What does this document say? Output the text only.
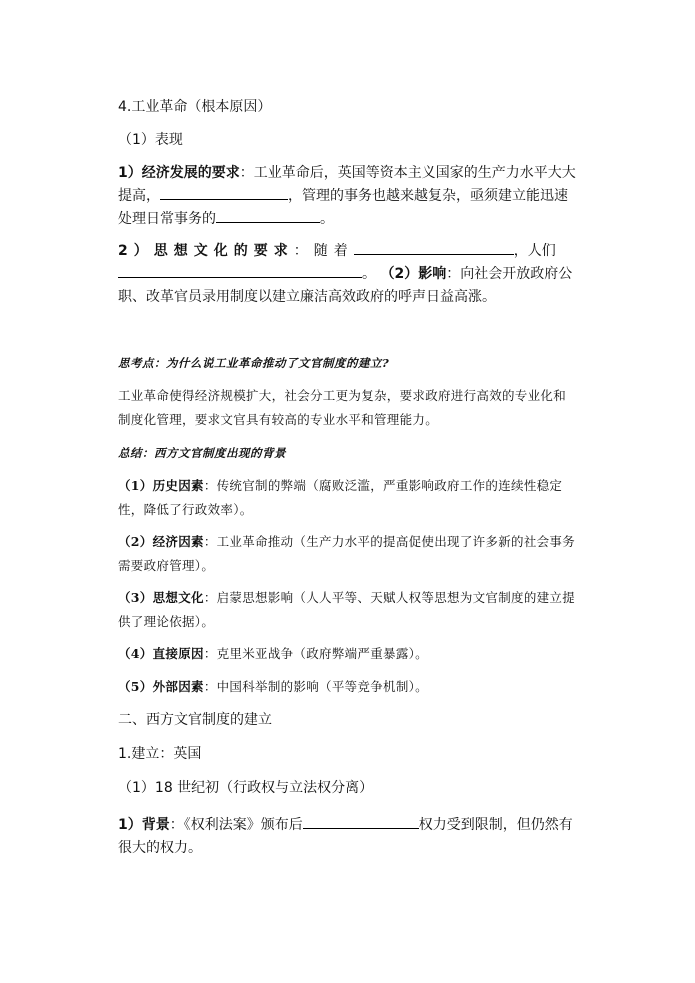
4.工业革命（根本原因）
（1）表现
1）经济发展的要求：工业革命后，英国等资本主义国家的生产力水平大大提高，	，管理的事务也越来越复杂，亟须建立能迅速处理日常事务的	。
2）思想文化的要求：随着	，人们。 （2）影响：向社会开放政府公职、改革官员录用制度以建立廉洁高效政府的呼声日益高涨。
思考点：为什么说工业革命推动了文官制度的建立?
工业革命使得经济规模扩大，社会分工更为复杂，要求政府进行高效的专业化和制度化管理，要求文官具有较高的专业水平和管理能力。
总结：西方文官制度出现的背景
（1）历史因素：传统官制的弊端（腐败泛滥，严重影响政府工作的连续性稳定性，降低了行政效率）。
（2）经济因素：工业革命推动（生产力水平的提高促使出现了许多新的社会事务需要政府管理）。
（3）思想文化：启蒙思想影响（人人平等、天赋人权等思想为文官制度的建立提供了理论依据）。
（4）直接原因：克里米亚战争（政府弊端严重暴露）。
（5）外部因素：中国科举制的影响（平等竞争机制）。
二、西方文官制度的建立
1.建立：英国
（1）18 世纪初（行政权与立法权分离）
1）背景：《权利法案》颁布后	权力受到限制，但仍然有很大的权力。
